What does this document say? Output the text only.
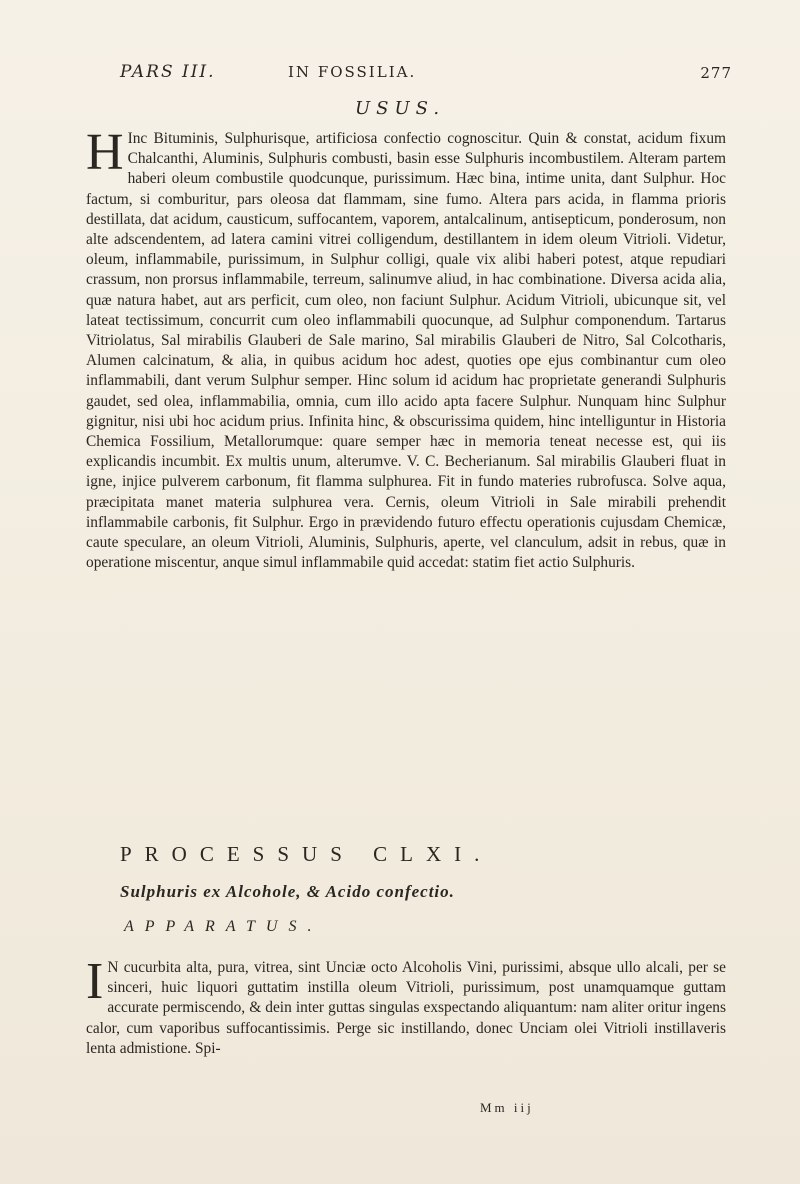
PARS III.	IN FOSSILIA.	277
USUS.

H Inc Bituminis, Sulphurisque, artificiosa confectio cognoscitur. Quin & constat, acidum fixum Chalcanthi, Aluminis, Sulphuris combusti, basin esse Sulphuris incombustilem. Alteram partem haberi oleum combustile quodcunque, purissimum. Hæc bina, intime unita, dant Sulphur. Hoc factum, si comburitur, pars oleosa dat flammam, sine fumo. Altera pars acida, in flamma prioris destillata, dat acidum, causticum, suffocantem, vaporem, antalcalinum, antisepticum, ponderosum, non alte adscendentem, ad latera camini vitrei colligendum, destillantem in idem oleum Vitrioli. Videtur, oleum, inflammabile, purissimum, in Sulphur colligi, quale vix alibi haberi potest, atque repudiari crassum, non prorsus inflammabile, terreum, salinumve aliud, in hac combinatione. Diversa acida alia, quæ natura habet, aut ars perficit, cum oleo, non faciunt Sulphur. Acidum Vitrioli, ubicunque sit, vel lateat tectissimum, concurrit cum oleo inflammabili quocunque, ad Sulphur componendum. Tartarus Vitriolatus, Sal mirabilis Glauberi de Sale marino, Sal mirabilis Glauberi de Nitro, Sal Colcotharis, Alumen calcinatum, & alia, in quibus acidum hoc adest, quoties ope ejus combinantur cum oleo inflammabili, dant verum Sulphur semper. Hinc solum id acidum hac proprietate generandi Sulphuris gaudet, sed olea, inflammabilia, omnia, cum illo acido apta facere Sulphur. Nunquam hinc Sulphur gignitur, nisi ubi hoc acidum prius. Infinita hinc, & obscurissima quidem, hinc intelliguntur in Historia Chemica Fossilium, Metallorumque: quare semper hæc in memoria teneat necesse est, qui iis explicandis incumbit. Ex multis unum, alterumve. V. C. Becherianum. Sal mirabilis Glauberi fluat in igne, injice pulverem carbonum, fit flamma sulphurea. Fit in fundo materies rubrofusca. Solve aqua, præcipitata manet materia sulphurea vera. Cernis, oleum Vitrioli in Sale mirabili prehendit inflammabile carbonis, fit Sulphur. Ergo in prævidendo futuro effectu operationis cujusdam Chemicæ, caute speculare, an oleum Vitrioli, Aluminis, Sulphuris, aperte, vel clanculum, adsit in rebus, quæ in operatione miscentur, anque simul inflammabile quid accedat: statim fiet actio Sulphuris.

PROCESSUS CLXI.
Sulphuris ex Alcohole, & Acido confectio.
APPARATUS.

I N cucurbita alta, pura, vitrea, sint Unciæ octo Alcoholis Vini, purissimi, absque ullo alcali, per se sinceri, huic liquori guttatim instilla oleum Vitrioli, purissimum, post unamquamque guttam accurate permiscendo, & dein inter guttas singulas exspectando aliquantum: nam aliter oritur ingens calor, cum vaporibus suffocantissimis. Perge sic instillando, donec Unciam olei Vitrioli instillaveris lenta admistione. Spi-

Mm iij
